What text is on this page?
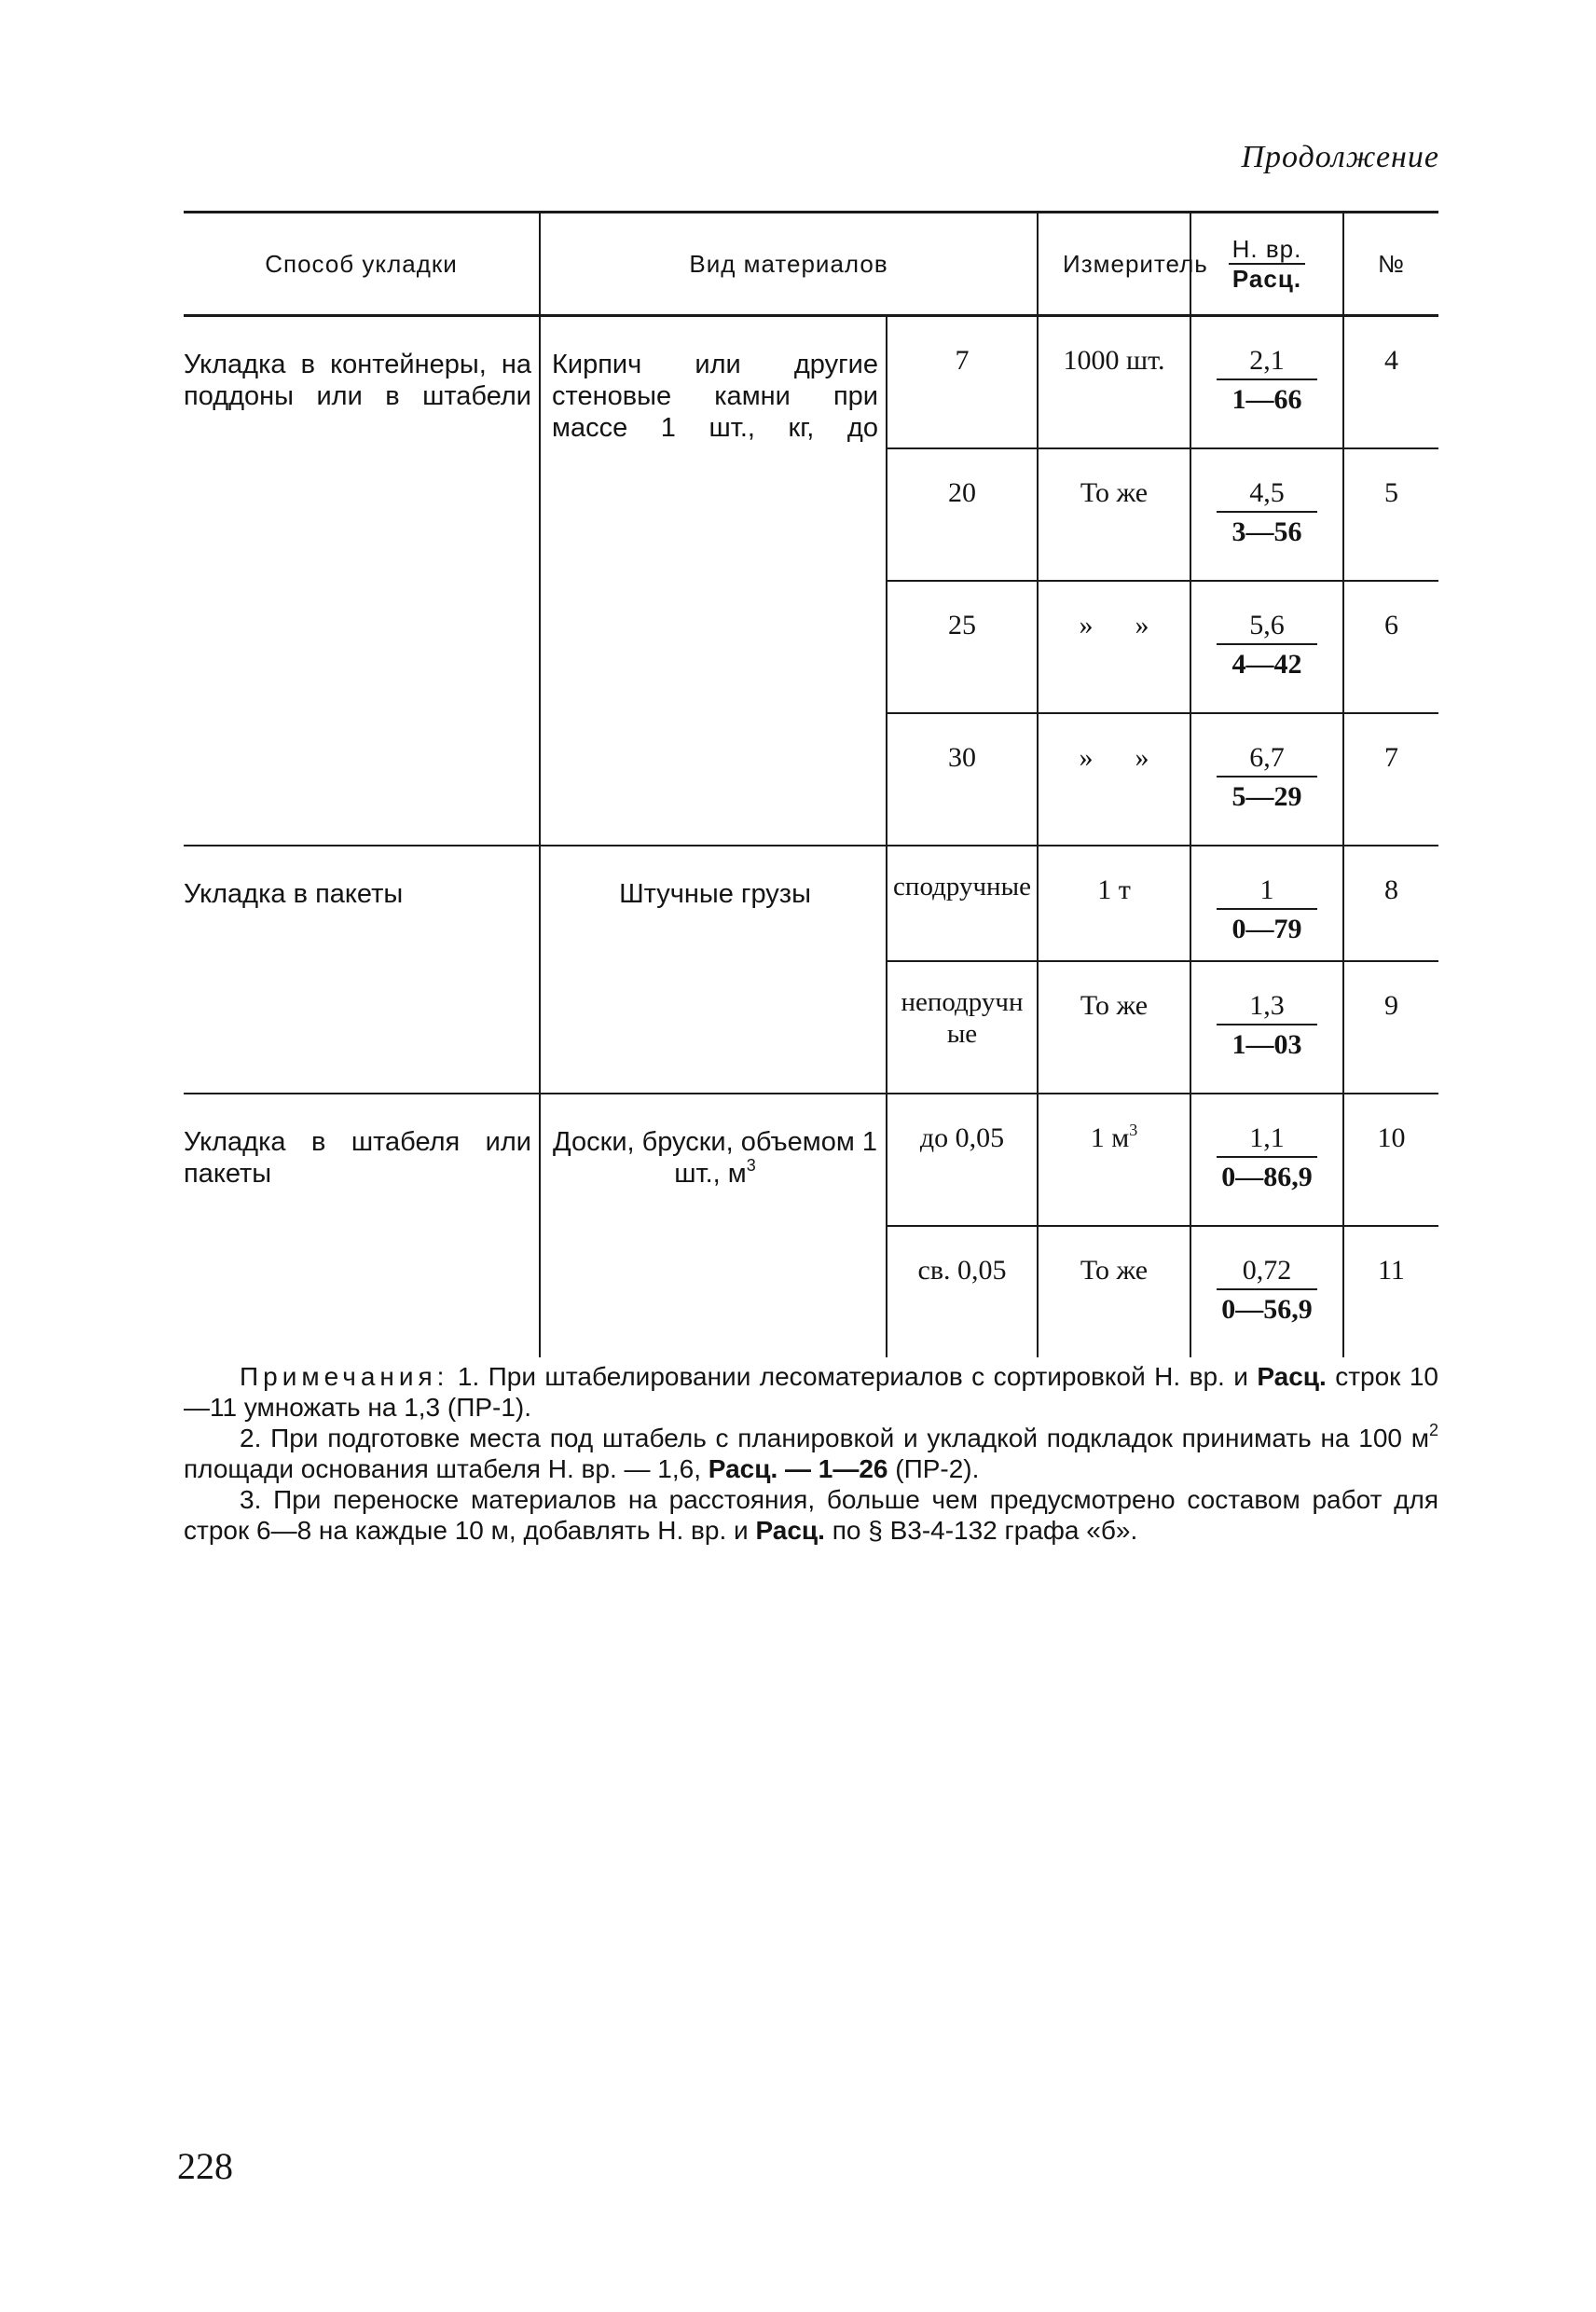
Продолжение
Способ укладки	Вид материалов		Измеритель	$\frac{Н. вр.}{\text{Расц.}}$	№
Укладка в контейнеры, на поддоны или в штабели	Кирпич или другие стеновые камни при массе 1 шт., кг, до	7	1000 шт.	$\frac{2,1}{1—66}$	4
		20	То же	$\frac{4,5}{3—56}$	5
		25	»      »	$\frac{5,6}{4—42}$	6
		30	»      »	$\frac{6,7}{5—29}$	7
Укладка в пакеты	Штучные грузы	сподручные	1 т	$\frac{1}{0—79}$	8
		неподручные	То же	$\frac{1,3}{1—03}$	9
Укладка в штабеля или пакеты	Доски, бруски, объемом 1 шт., $м^3$	до 0,05	1 $м^3$	$\frac{1,1}{0—86,9}$	10
		св. 0,05	То же	$\frac{0,72}{0—56,9}$	11

Примечания: 1. При штабелировании лесоматериалов с сортировкой Н. вр. и Расц. строк 10—11 умножать на 1,3 (ПР-1).

2. При подготовке места под штабель с планировкой и укладкой подкладок принимать на 100 $м^2$ площади основания штабеля Н. вр. — 1,6, Расц. — 1—26 (ПР-2).

3. При переноске материалов на расстояния, больше чем предусмотрено составом работ для строк 6—8 на каждые 10 м, добавлять Н. вр. и Расц. по § В3-4-132 графа «б».

228
